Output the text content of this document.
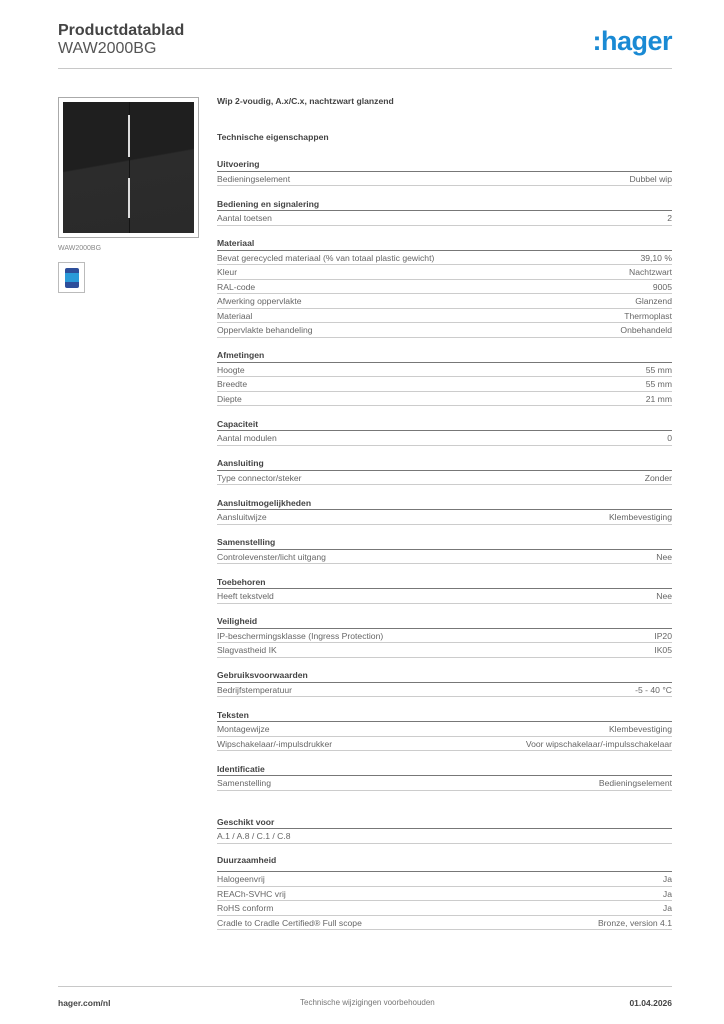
Productdatablad
WAW2000BG	:hager
WAW2000BG
Wip 2-voudig, A.x/C.x, nachtzwart glanzend
Technische eigenschappen
Uitvoering
Bedieningselement	Dubbel wip
Bediening en signalering
Aantal toetsen	2
Materiaal
Bevat gerecycled materiaal (% van totaal plastic gewicht)	39,10 %
Kleur	Nachtzwart
RAL-code	9005
Afwerking oppervlakte	Glanzend
Materiaal	Thermoplast
Oppervlakte behandeling	Onbehandeld
Afmetingen
Hoogte	55 mm
Breedte	55 mm
Diepte	21 mm
Capaciteit
Aantal modulen	0
Aansluiting
Type connector/steker	Zonder
Aansluitmogelijkheden
Aansluitwijze	Klembevestiging
Samenstelling
Controlevenster/licht uitgang	Nee
Toebehoren
Heeft tekstveld	Nee
Veiligheid
IP-beschermingsklasse (Ingress Protection)	IP20
Slagvastheid IK	IK05
Gebruiksvoorwaarden
Bedrijfstemperatuur	-5 - 40 °C
Teksten
Montagewijze	Klembevestiging
Wipschakelaar/-impulsdrukker	Voor wipschakelaar/-impulsschakelaar
Identificatie
Samenstelling	Bedieningselement
Geschikt voor
A.1 / A.8 / C.1 / C.8
Duurzaamheid
Halogeenvrij	Ja
REACh-SVHC vrij	Ja
RoHS conform	Ja
Cradle to Cradle Certified® Full scope	Bronze, version 4.1
hager.com/nl	Technische wijzigingen voorbehouden	01.04.2026
